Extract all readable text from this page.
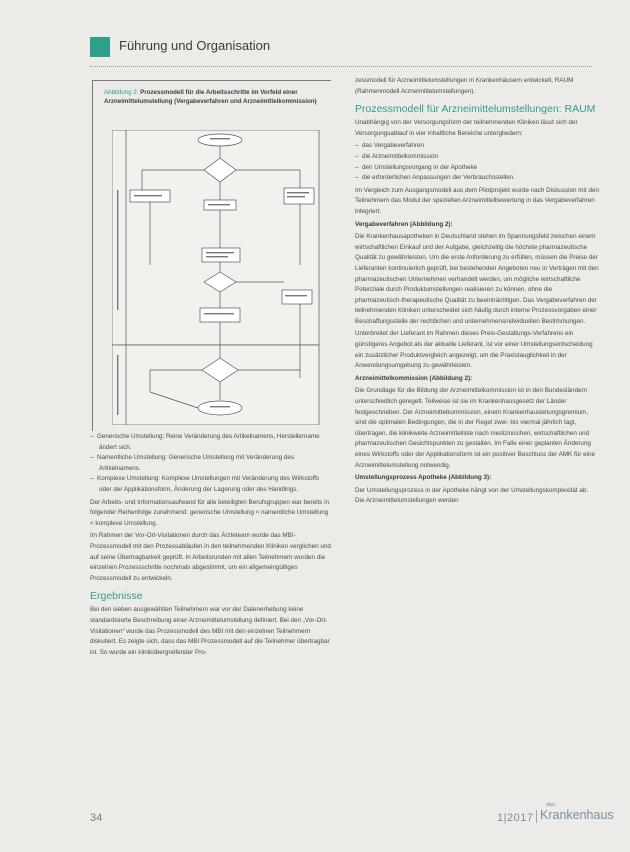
Führung und Organisation
Abbildung 2: Prozessmodell für die Arbeitsschritte im Vorfeld einer Arzneimittelumstellung (Vergabeverfahren und Arzneimittelkommission)
–  Generische Umstellung: Reine Veränderung des Artikelnamens, Herstellername ändert sich.
–  Namentliche Umstellung: Generische Umstellung mit Veränderung des Artikelnamens.
–  Komplexe Umstellung: Komplexe Umstellungen mit Veränderung des Wirkstoffs oder der Applikationsform, Änderung der Lagerung oder des Handlings.

Der Arbeits- und Informationsaufwand für alle beteiligten Berufsgruppen war bereits in folgender Reihenfolge zunehmend: generische Umstellung < namentliche Umstellung < komplexe Umstellung.

Im Rahmen der Vor-Ort-Visitationen durch das Ärzteteam wurde das MBI-Prozessmodell mit den Prozessabläufen in den teilnehmenden Kliniken verglichen und auf seine Übertragbarkeit geprüft. In Arbeitsrunden mit allen Teilnehmern wurden die einzelnen Prozessschritte nochmals abgestimmt, um ein allgemeingültiges Prozessmodell zu entwickeln.

Ergebnisse

Bei den sieben ausgewählten Teilnehmern war vor der Datenerhebung keine standardisierte Beschreibung einer Arzneimittelumstellung definiert. Bei den „Vor-Ort-Visitationen“ wurde das Prozessmodell des MBI mit den einzelnen Teilnehmern diskutiert. Es zeigte sich, dass das MBI Prozessmodell auf die Teilnehmer übertragbar ist. So wurde ein klinikübergreifender Pro-

zessmodell für Arzneimittelumstellungen in Krankenhäusern entwickelt, RAUM (Rahmenmodell Arzneimittelumstellungen).

Prozessmodell für Arzneimittelumstellungen: RAUM

Unabhängig von der Versorgungsform der teilnehmenden Kliniken lässt sich der Versorgungsablauf in vier inhaltliche Bereiche untergliedern:

–  das Vergabeverfahren
–  die Arzneimittelkommission
–  den Umstellungsvorgang in der Apotheke
–  die erforderlichen Anpassungen der Verbrauchsstellen.

Im Vergleich zum Ausgangsmodell aus dem Pilotprojekt wurde nach Diskussion mit den Teilnehmern das Modul der speziellen Arzneimittelbewertung in das Vergabeverfahren integriert.

Vergabeverfahren (Abbildung 2):

Die Krankenhausapotheken in Deutschland stehen im Spannungsfeld zwischen einem wirtschaftlichen Einkauf und der Aufgabe, gleichzeitig die höchste pharmazeutische Qualität zu gewährleisten. Um die erste Anforderung zu erfüllen, müssen die Preise der Lieferanten kontinuierlich geprüft, bei bestehenden Angeboten neu in Verträgen mit den pharmazeutischen Unternehmen verhandelt werden, um mögliche wirtschaftliche Potenziale durch Produktumstellungen realisieren zu können, ohne die pharmazeutisch-therapeutische Qualität zu beeinträchtigen. Das Vergabeverfahren der teilnehmenden Kliniken unterscheidet sich häufig durch interne Prozessvorgaben einer Beschaffungsstelle der rechtlichen und unternehmensindividuellen Bestimmungen.

Unterbreitet der Lieferant im Rahmen dieses Preis-Gestaltungs-Verfahrens ein günstigeres Angebot als der aktuelle Lieferant, ist vor einer Umstellungsentscheidung ein zusätzlicher Produktvergleich angezeigt, um die Praxistauglichkeit in der Anwendungsumgebung zu gewährleisten.

Arzneimittelkommission (Abbildung 2):

Die Grundlage für die Bildung der Arzneimittelkommission ist in den Bundesländern unterschiedlich geregelt. Teilweise ist sie im Krankenhausgesetz der Länder festgeschrieben. Der Arzneimittelkommission, einem Krankenhausleitungsgremium, sind die optimalen Bedingungen, die in der Regel zwei- bis viermal jährlich tagt, übertragen, die klinikweite Arzneimittelliste nach medizinischen, wirtschaftlichen und pharmazeutischen Gesichtspunkten zu gestalten. Im Falle einer geplanten Änderung eines Wirkstoffs oder der Applikationsform ist ein positiver Beschluss der AMK für eine Arzneimittelumstellung notwendig.

Umstellungsprozess Apotheke (Abbildung 3):

Der Umstellungsprozess in der Apotheke hängt von der Umstellungskomplexität ab. Die Arzneimittelumstellungen werden

34	1|2017
das
Krankenhaus
